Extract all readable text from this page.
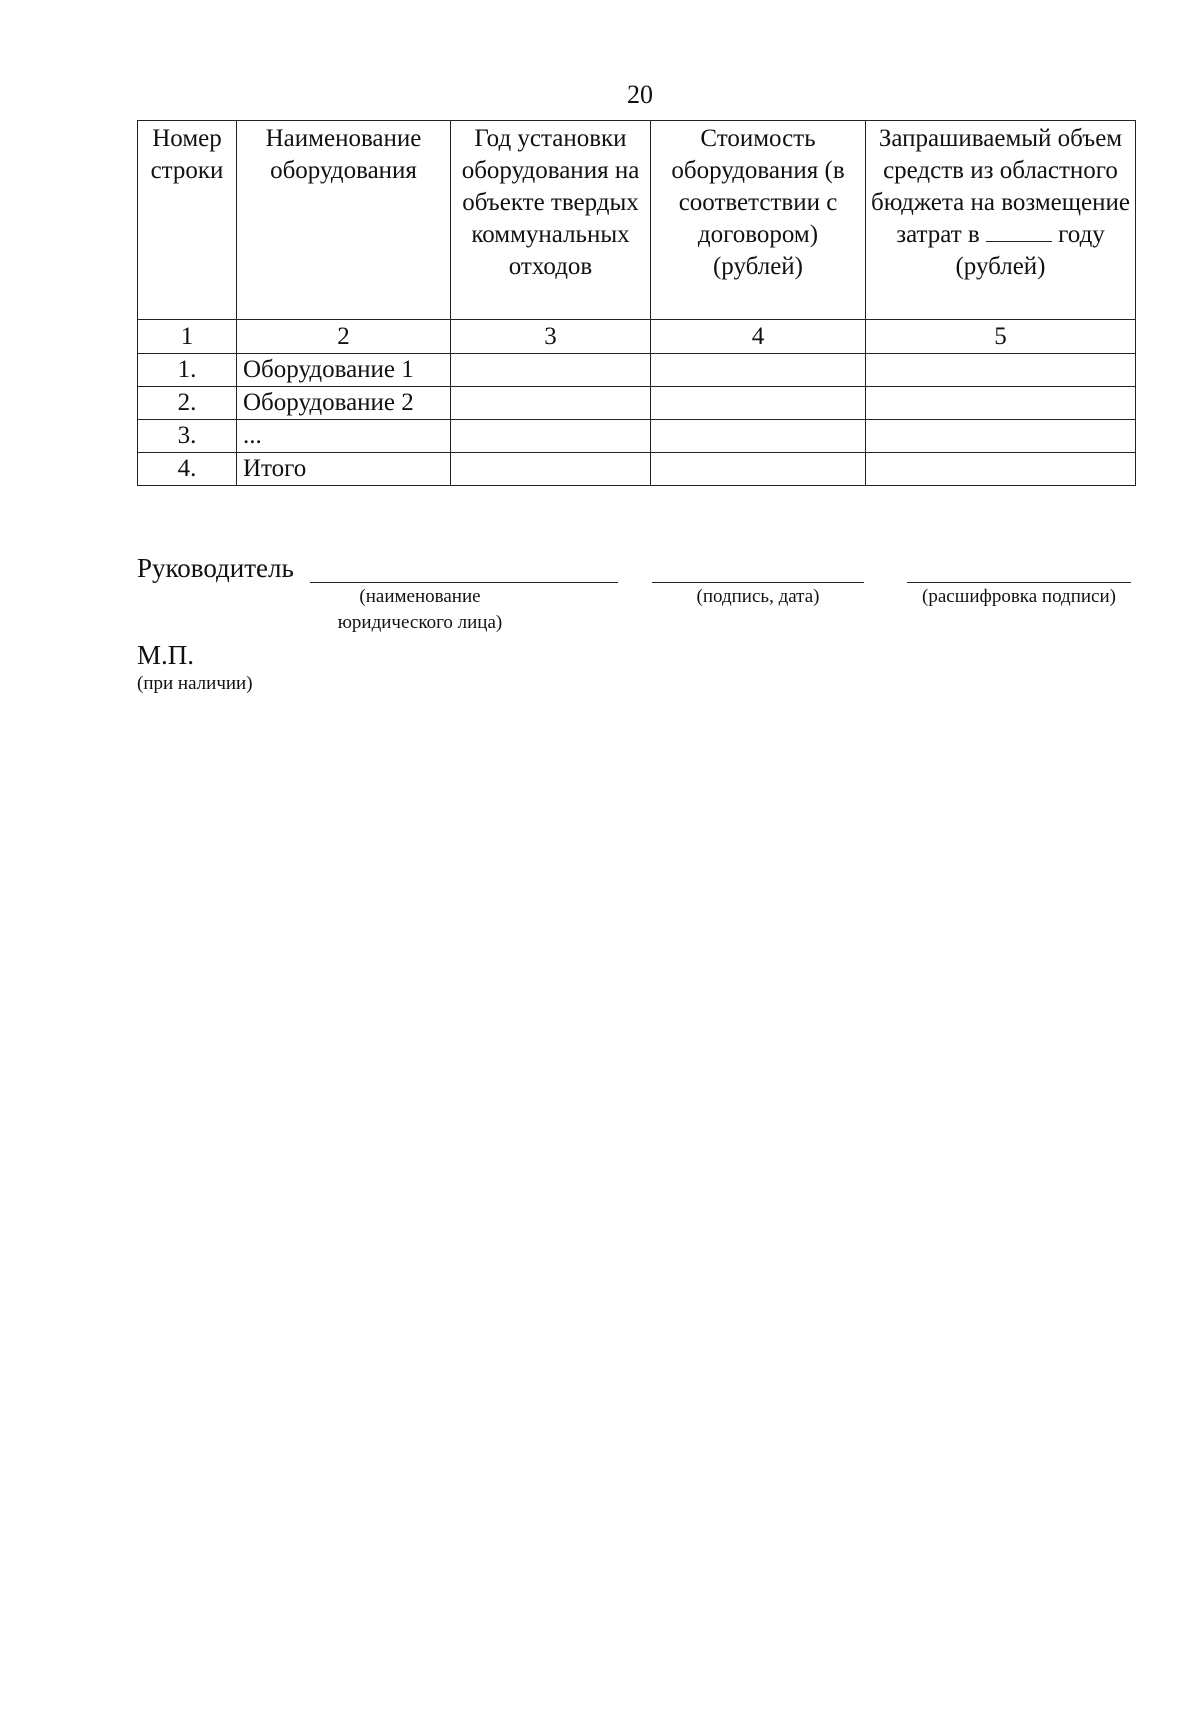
20
Номер строки	Наименование оборудования	Год установки оборудования на объекте твердых коммунальных отходов	Стоимость оборудования (в соответствии с договором) (рублей)	Запрашиваемый объем средств из областного бюджета на возмещение
затрат в году
(рублей)
1	2	3	4	5
1.	Оборудование 1			
2.	Оборудование 2			
3.	...			
4.	Итого			
Руководитель
(наименование
юридического лица)
(подпись, дата)	(расшифровка подписи)
М.П.
(при наличии)
